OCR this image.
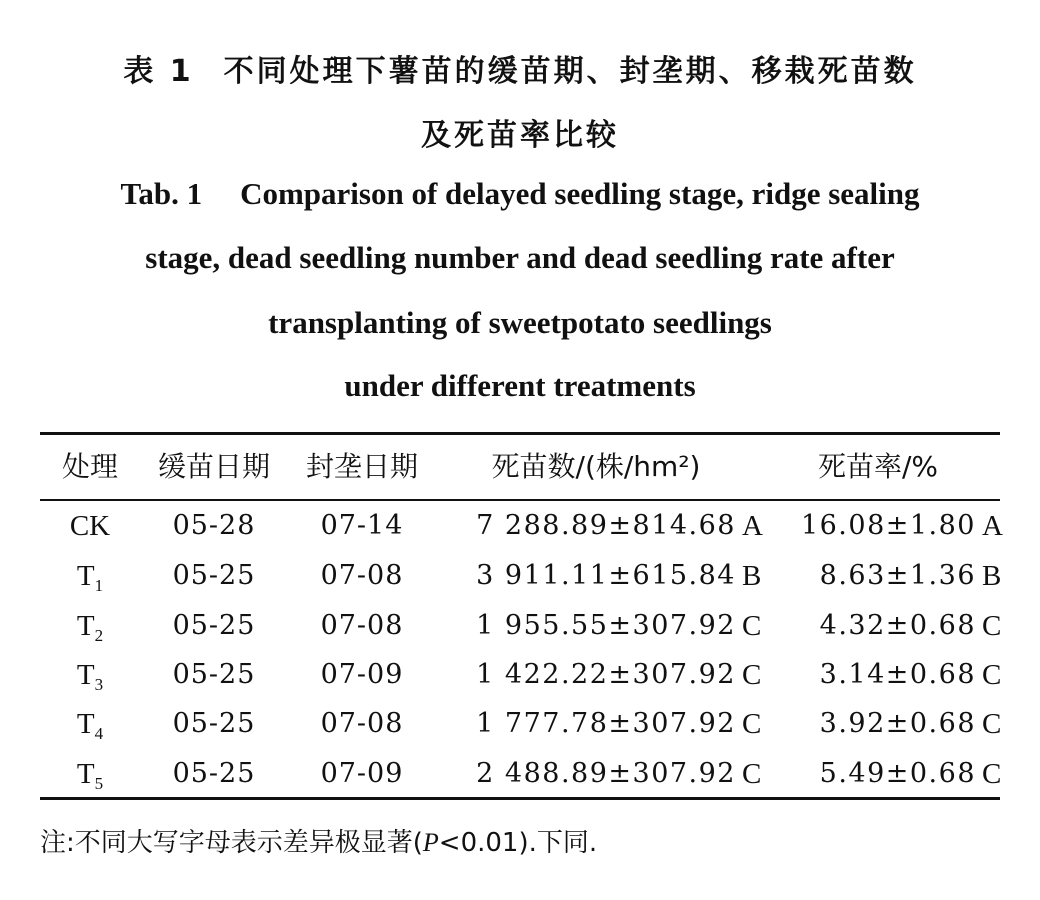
表 1 不同处理下薯苗的缓苗期、封垄期、移栽死苗数
及死苗率比较
Tab. 1 Comparison of delayed seedling stage, ridge sealing
stage, dead seedling number and dead seedling rate after
transplanting of sweetpotato seedlings
under different treatments
处理	缓苗日期	封垄日期	死苗数/(株/hm²)	死苗率/%
CK	05-28	07-14	7 288.89±814.68 A	16.08±1.80 A
$T_1$	05-25	07-08	3 911.11±615.84 B	8.63±1.36 B
$T_2$	05-25	07-08	1 955.55±307.92 C	4.32±0.68 C
$T_3$	05-25	07-09	1 422.22±307.92 C	3.14±0.68 C
$T_4$	05-25	07-08	1 777.78±307.92 C	3.92±0.68 C
$T_5$	05-25	07-09	2 488.89±307.92 C	5.49±0.68 C
注:不同大写字母表示差异极显著(P<0.01).下同.
